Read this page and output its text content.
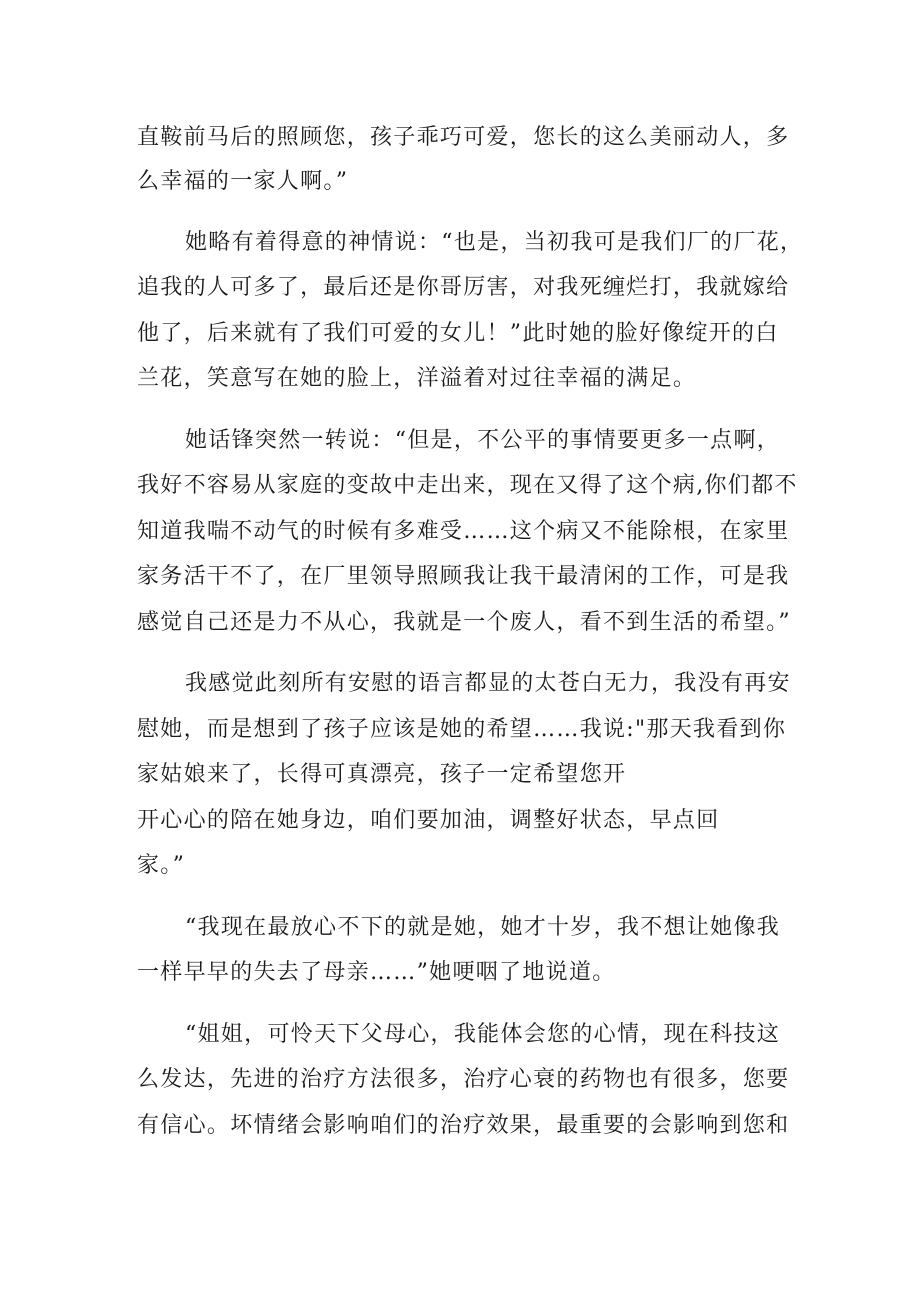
直鞍前马后的照顾您，孩子乖巧可爱，您长的这么美丽动人，多
么幸福的一家人啊。”
她略有着得意的神情说：“也是，当初我可是我们厂的厂花，
追我的人可多了，最后还是你哥厉害，对我死缠烂打，我就嫁给
他了，后来就有了我们可爱的女儿！”此时她的脸好像绽开的白
兰花，笑意写在她的脸上，洋溢着对过往幸福的满足。
她话锋突然一转说：“但是，不公平的事情要更多一点啊，
我好不容易从家庭的变故中走出来，现在又得了这个病,你们都不
知道我喘不动气的时候有多难受……这个病又不能除根，在家里
家务活干不了，在厂里领导照顾我让我干最清闲的工作，可是我
感觉自己还是力不从心，我就是一个废人，看不到生活的希望。”
我感觉此刻所有安慰的语言都显的太苍白无力，我没有再安
慰她，而是想到了孩子应该是她的希望……我说:"那天我看到你
家姑娘来了，长得可真漂亮，孩子一定希望您开
开心心的陪在她身边，咱们要加油，调整好状态，早点回
家。”
“我现在最放心不下的就是她，她才十岁，我不想让她像我
一样早早的失去了母亲……”她哽咽了地说道。
“姐姐，可怜天下父母心，我能体会您的心情，现在科技这
么发达，先进的治疗方法很多，治疗心衰的药物也有很多，您要
有信心。坏情绪会影响咱们的治疗效果，最重要的会影响到您和
